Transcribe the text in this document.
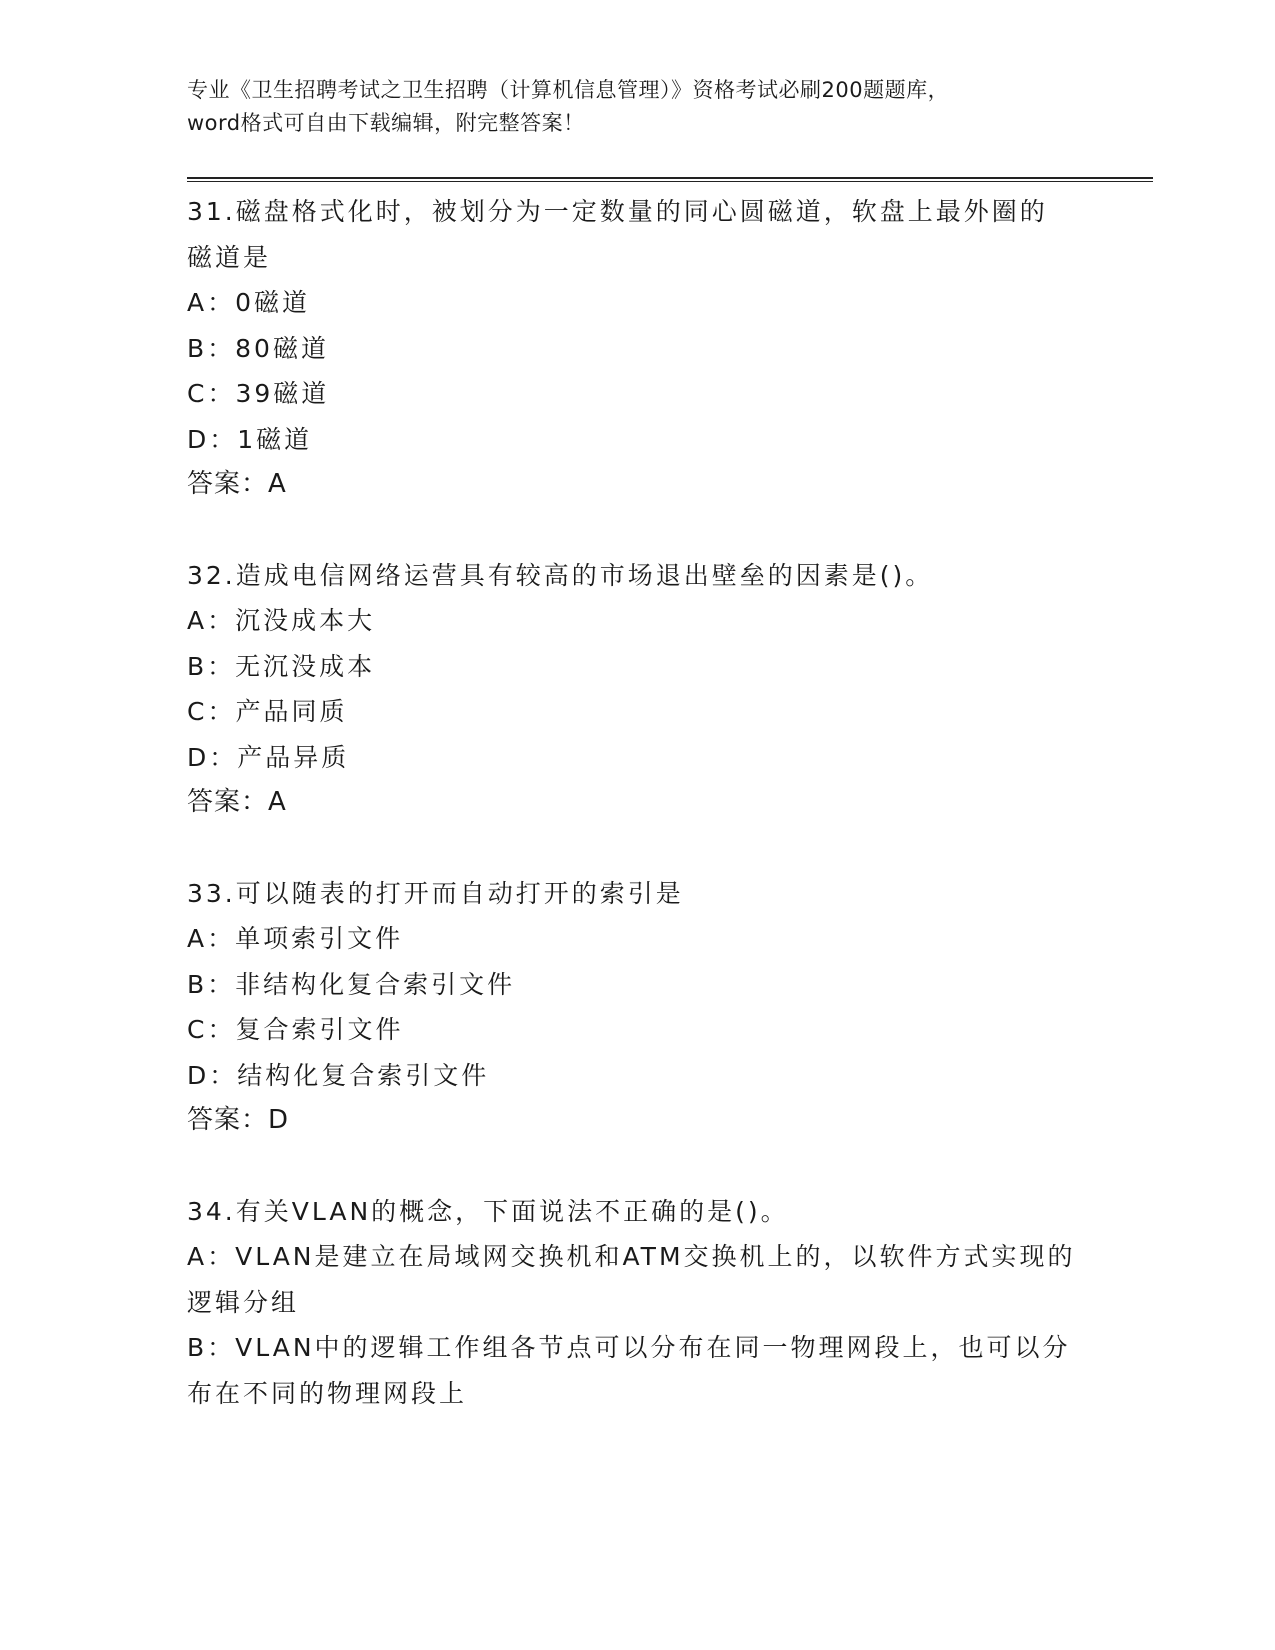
专业《卫生招聘考试之卫生招聘（计算机信息管理）》资格考试必刷200题题库，
word格式可自由下载编辑，附完整答案！
31.磁盘格式化时，被划分为一定数量的同心圆磁道，软盘上最外圈的
磁道是
A：0磁道
B：80磁道
C：39磁道
D：1磁道
答案：A
32.造成电信网络运营具有较高的市场退出壁垒的因素是()。
A：沉没成本大
B：无沉没成本
C：产品同质
D：产品异质
答案：A
33.可以随表的打开而自动打开的索引是
A：单项索引文件
B：非结构化复合索引文件
C：复合索引文件
D：结构化复合索引文件
答案：D
34.有关VLAN的概念，下面说法不正确的是()。
A：VLAN是建立在局域网交换机和ATM交换机上的，以软件方式实现的
逻辑分组
B：VLAN中的逻辑工作组各节点可以分布在同一物理网段上，也可以分
布在不同的物理网段上
